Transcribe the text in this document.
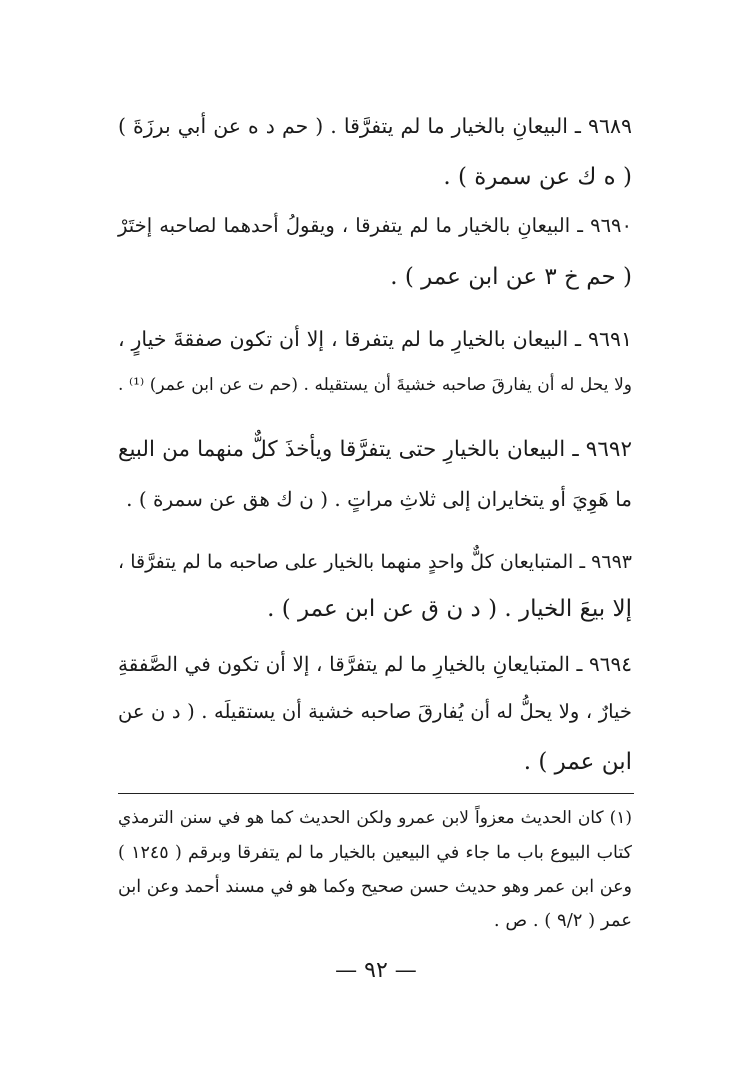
٩٦٨٩ ـ البيعانِ بالخيار ما لم يتفرَّقا . ( حم د ه عن أبي برزَةَ )
( ه ك عن سمرة ) .
٩٦٩٠ ـ البيعانِ بالخيار ما لم يتفرقا ، ويقولُ أحدهما لصاحبه إختَرْ
( حم خ ٣ عن ابن عمر ) .
٩٦٩١ ـ البيعان بالخيارِ ما لم يتفرقا ، إلا أن تكون صفقةَ خيارٍ ،
ولا يحل له أن يفارقَ صاحبه خشيةَ أن يستقيله . (حم ت عن ابن عمر) ⁽¹⁾ .
٩٦٩٢ ـ البيعان بالخيارِ حتى يتفرَّقا ويأخذَ كلٌّ منهما من البيع
ما هَوِيَ أو يتخايران إلى ثلاثِ مراتٍ . ( ن ك هق عن سمرة ) .
٩٦٩٣ ـ المتبايعان كلٌّ واحدٍ منهما بالخيار على صاحبه ما لم يتفرَّقا ،
إلا بيعَ الخيار . ( د ن ق عن ابن عمر ) .
٩٦٩٤ ـ المتبايعانِ بالخيارِ ما لم يتفرَّقا ، إلا أن تكون في الصَّفقةِ
خيارٌ ، ولا يحلُّ له أن يُفارقَ صاحبه خشية أن يستقيلَه . ( د ن عن
ابن عمر ) .
(١) كان الحديث معزواً لابن عمرو ولكن الحديث كما هو في سنن الترمذي
كتاب البيوع باب ما جاء في البيعين بالخيار ما لم يتفرقا وبرقم ( ١٢٤٥ )
وعن ابن عمر وهو حديث حسن صحيح وكما هو في مسند أحمد وعن ابن
عمر ( ٩/٢ ) . ص .
— ٩٢ —
